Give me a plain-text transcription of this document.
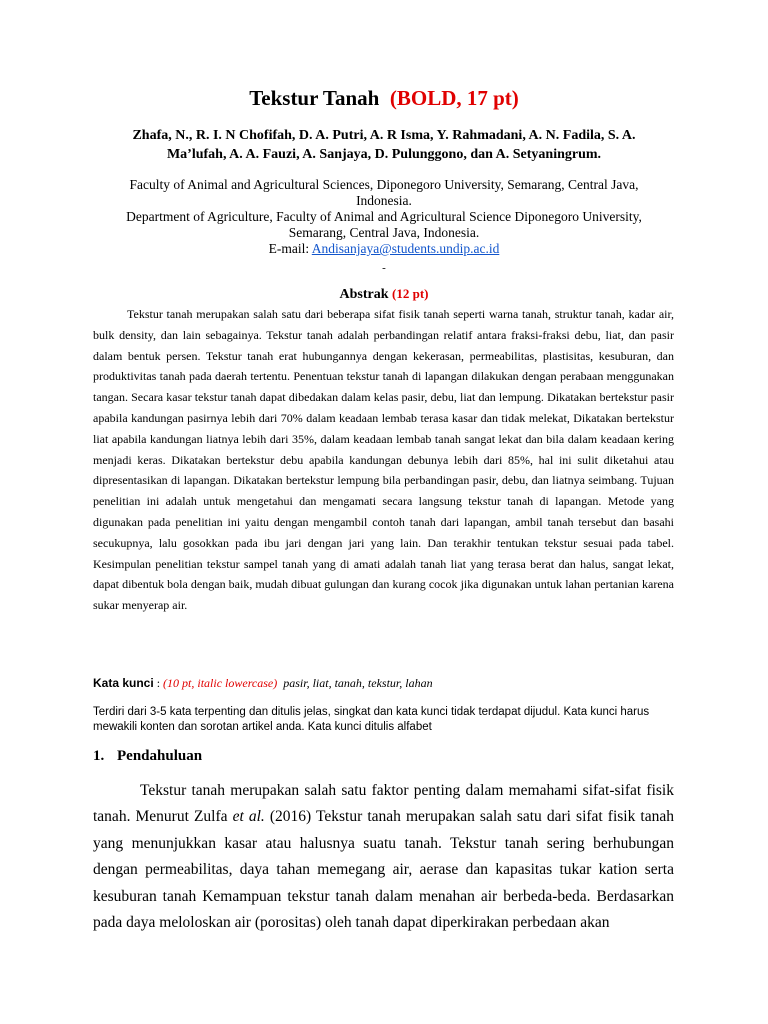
Tekstur Tanah (BOLD, 17 pt)
Zhafa, N., R. I. N Chofifah, D. A. Putri, A. R Isma, Y. Rahmadani, A. N. Fadila, S. A.
Ma’lufah, A. A. Fauzi, A. Sanjaya, D. Pulunggono, dan A. Setyaningrum.
Faculty of Animal and Agricultural Sciences, Diponegoro University, Semarang, Central Java, Indonesia.
Department of Agriculture, Faculty of Animal and Agricultural Science Diponegoro University, Semarang, Central Java, Indonesia.
E-mail: Andisanjaya@students.undip.ac.id
-
Abstrak (12 pt)

Tekstur tanah merupakan salah satu dari beberapa sifat fisik tanah seperti warna tanah, struktur tanah, kadar air, bulk density, dan lain sebagainya. Tekstur tanah adalah perbandingan relatif antara fraksi-fraksi debu, liat, dan pasir dalam bentuk persen. Tekstur tanah erat hubungannya dengan kekerasan, permeabilitas, plastisitas, kesuburan, dan produktivitas tanah pada daerah tertentu. Penentuan tekstur tanah di lapangan dilakukan dengan perabaan menggunakan tangan. Secara kasar tekstur tanah dapat dibedakan dalam kelas pasir, debu, liat dan lempung. Dikatakan bertekstur pasir apabila kandungan pasirnya lebih dari 70% dalam keadaan lembab terasa kasar dan tidak melekat, Dikatakan bertekstur liat apabila kandungan liatnya lebih dari 35%, dalam keadaan lembab tanah sangat lekat dan bila dalam keadaan kering menjadi keras. Dikatakan bertekstur debu apabila kandungan debunya lebih dari 85%, hal ini sulit diketahui atau dipresentasikan di lapangan. Dikatakan bertekstur lempung bila perbandingan pasir, debu, dan liatnya seimbang. Tujuan penelitian ini adalah untuk mengetahui dan mengamati secara langsung tekstur tanah di lapangan. Metode yang digunakan pada penelitian ini yaitu dengan mengambil contoh tanah dari lapangan, ambil tanah tersebut dan basahi secukupnya, lalu gosokkan pada ibu jari dengan jari yang lain. Dan terakhir tentukan tekstur sesuai pada tabel. Kesimpulan penelitian tekstur sampel tanah yang di amati adalah tanah liat yang terasa berat dan halus, sangat lekat, dapat dibentuk bola dengan baik, mudah dibuat gulungan dan kurang cocok jika digunakan untuk lahan pertanian karena sukar menyerap air.

Kata kunci : (10 pt, italic lowercase) pasir, liat, tanah, tekstur, lahan
Terdiri dari 3-5 kata terpenting dan ditulis jelas, singkat dan kata kunci tidak terdapat dijudul. Kata kunci harus mewakili konten dan sorotan artikel anda. Kata kunci ditulis alfabet
1. Pendahuluan

Tekstur tanah merupakan salah satu faktor penting dalam memahami sifat-sifat fisik tanah. Menurut Zulfa et al. (2016) Tekstur tanah merupakan salah satu dari sifat fisik tanah yang menunjukkan kasar atau halusnya suatu tanah. Tekstur tanah sering berhubungan dengan permeabilitas, daya tahan memegang air, aerase dan kapasitas tukar kation serta kesuburan tanah Kemampuan tekstur tanah dalam menahan air berbeda-beda. Berdasarkan pada daya meloloskan air (porositas) oleh tanah dapat diperkirakan perbedaan akan
